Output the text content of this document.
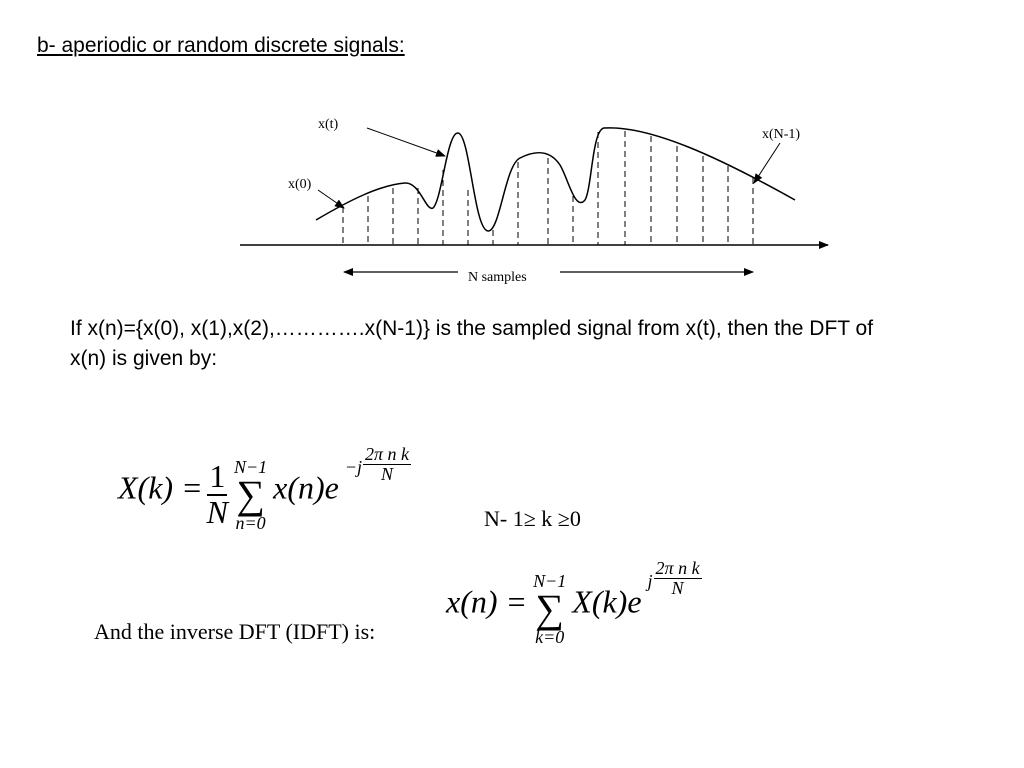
b- aperiodic or random discrete signals:
x(t)
x(0)
x(N-1)
N samples

If x(n)={x(0), x(1),x(2),………….x(N-1)} is the sampled signal from x(t), then the DFT of

x(n) is given by:

$X(k) = \frac{1}{N}$
N−1
∑
n=0
x(n)e
$-j \frac{\text{2π n k}}{N}$
N- 1≥ k ≥0
And the inverse DFT (IDFT) is:
x(n) =
N−1
∑
k=0
X(k)e
j $\frac{\text{2π n k}}{N}$
